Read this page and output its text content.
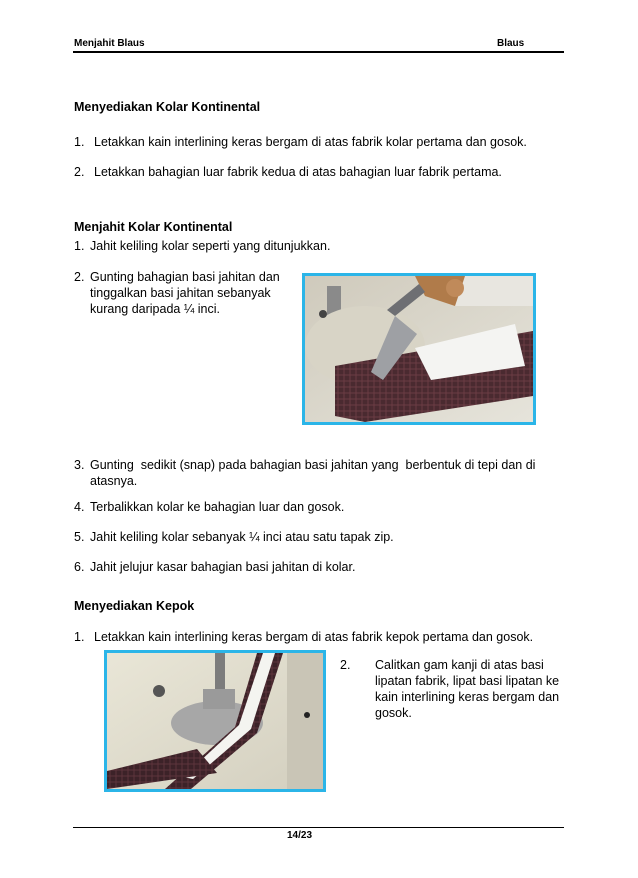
Menjahit Blaus	Blaus
Menyediakan Kolar Kontinental
1. Letakkan kain interlining keras bergam di atas fabrik kolar pertama dan gosok.
2. Letakkan bahagian luar fabrik kedua di atas bahagian luar fabrik pertama.
Menjahit Kolar Kontinental
1. Jahit keliling kolar seperti yang ditunjukkan.
2. Gunting bahagian basi jahitan dan
tinggalkan basi jahitan sebanyak
kurang daripada ¼ inci.
3. Gunting  sedikit (snap) pada bahagian basi jahitan yang  berbentuk di tepi dan di
atasnya.
4. Terbalikkan kolar ke bahagian luar dan gosok.
5. Jahit keliling kolar sebanyak ¼ inci atau satu tapak zip.
6. Jahit jelujur kasar bahagian basi jahitan di kolar.
Menyediakan Kepok
1. Letakkan kain interlining keras bergam di atas fabrik kepok pertama dan gosok.
2. Calitkan gam kanji di atas basi
lipatan fabrik, lipat basi lipatan ke
kain interlining keras bergam dan
gosok.
14/23
